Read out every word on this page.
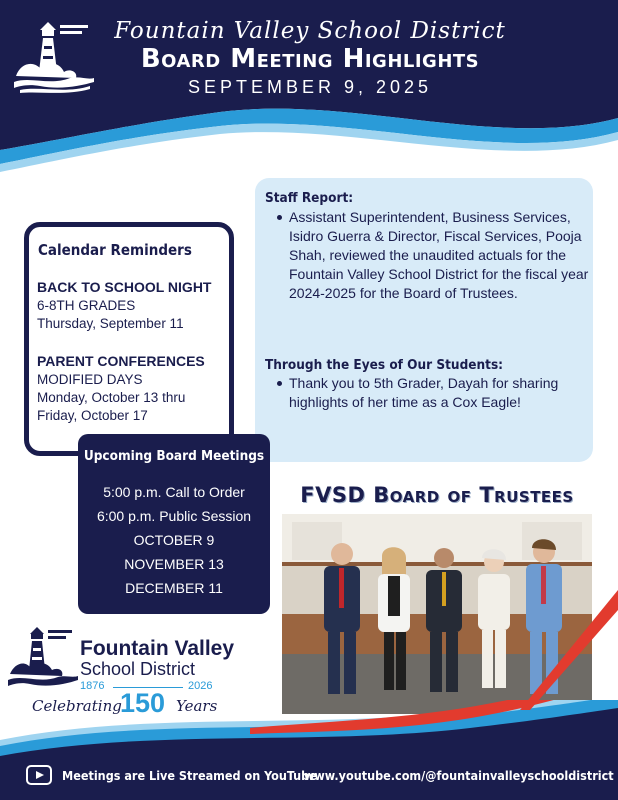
Fountain Valley School District
Board Meeting Highlights
SEPTEMBER 9, 2025
Staff Report:
Assistant Superintendent, Business Services, Isidro Guerra & Director, Fiscal Services, Pooja Shah, reviewed the unaudited actuals for the Fountain Valley School District for the fiscal year 2024-2025 for the Board of Trustees.
Through the Eyes of Our Students:
Thank you to 5th Grader, Dayah for sharing highlights of her time as a Cox Eagle!
Calendar Reminders
BACK TO SCHOOL NIGHT
6-8TH GRADES
Thursday, September 11
PARENT CONFERENCES
MODIFIED DAYS
Monday, October 13 thru
Friday, October 17
Upcoming Board Meetings
5:00 p.m. Call to Order
6:00 p.m. Public Session
OCTOBER 9
NOVEMBER 13
DECEMBER 11
FVSD Board of Trustees
Fountain Valley
School District
1876	2026
Celebrating
150 Years
Meetings are Live Streamed on YouTube
www.youtube.com/@fountainvalleyschooldistrict
